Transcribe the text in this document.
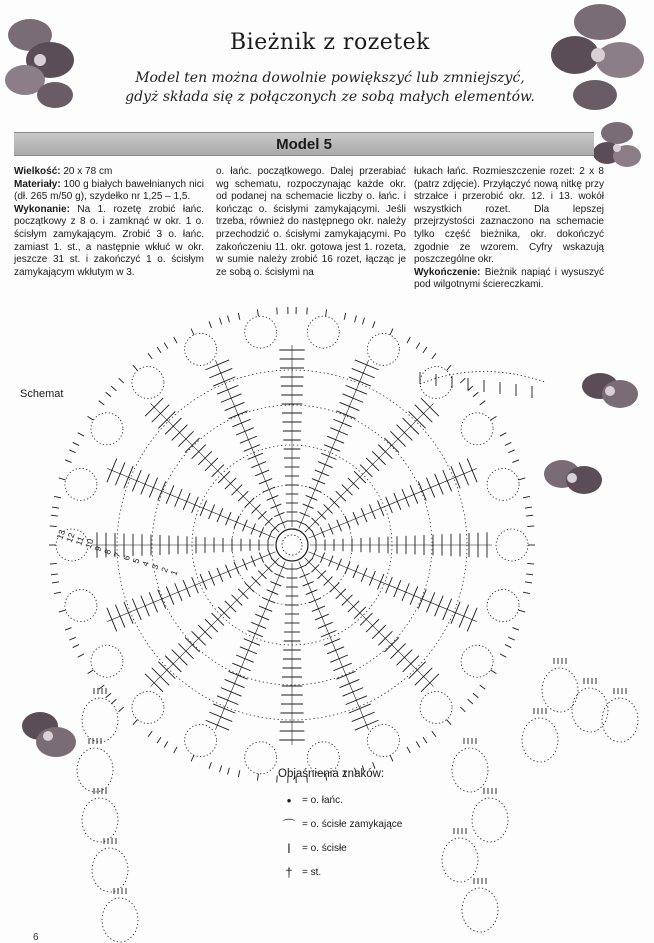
Bieżnik z rozetek
Model ten można dowolnie powiększyć lub zmniejszyć,
gdyż składa się z połączonych ze sobą małych elementów.
Model 5

Wielkość: 20 x 78 cm

Materiały: 100 g białych bawełnianych nici (dł. 265 m/50 g), szydełko nr 1,25 – 1,5.

Wykonanie: Na 1. rozetę zrobić łańc. początkowy z 8 o. i zamknąć w okr. 1 o. ścisłym zamykającym. Zrobić 3 o. łańc. zamiast 1. st., a następnie wkłuć w okr. jeszcze 31 st. i zakończyć 1 o. ścisłym zamykającym wkłutym w 3.

o. łańc. początkowego. Dalej przerabiać wg schematu, rozpoczynając każde okr. od podanej na schemacie liczby o. łańc. i kończąc o. ścisłymi zamykającymi. Jeśli trzeba, również do następnego okr. należy przechodzić o. ścisłymi zamykającymi. Po zakończeniu 11. okr. gotowa jest 1. rozeta, w sumie należy zrobić 16 rozet, łącząc je ze sobą o. ścisłymi na

łukach łańc. Rozmieszczenie rozet: 2 x 8 (patrz zdjęcie). Przyłączyć nową nitkę przy strzałce i przerobić okr. 12. i 13. wokół wszystkich rozet. Dla lepszej przejrzystości zaznaczono na schemacie tylko część bieżnika, okr. dokończyć zgodnie ze wzorem. Cyfry wskazują poszczególne okr.

Wykończenie: Bieżnik napiąć i wysuszyć pod wilgotnymi ściereczkami.

Schemat
13
12
11
10
9
8
7
6
5
4
3
2
1
Objaśnienia znaków:
•	= o. łańc.
⌒ = o. ścisłe zamykające
ǀ	= o. ścisłe
† = st.
6
